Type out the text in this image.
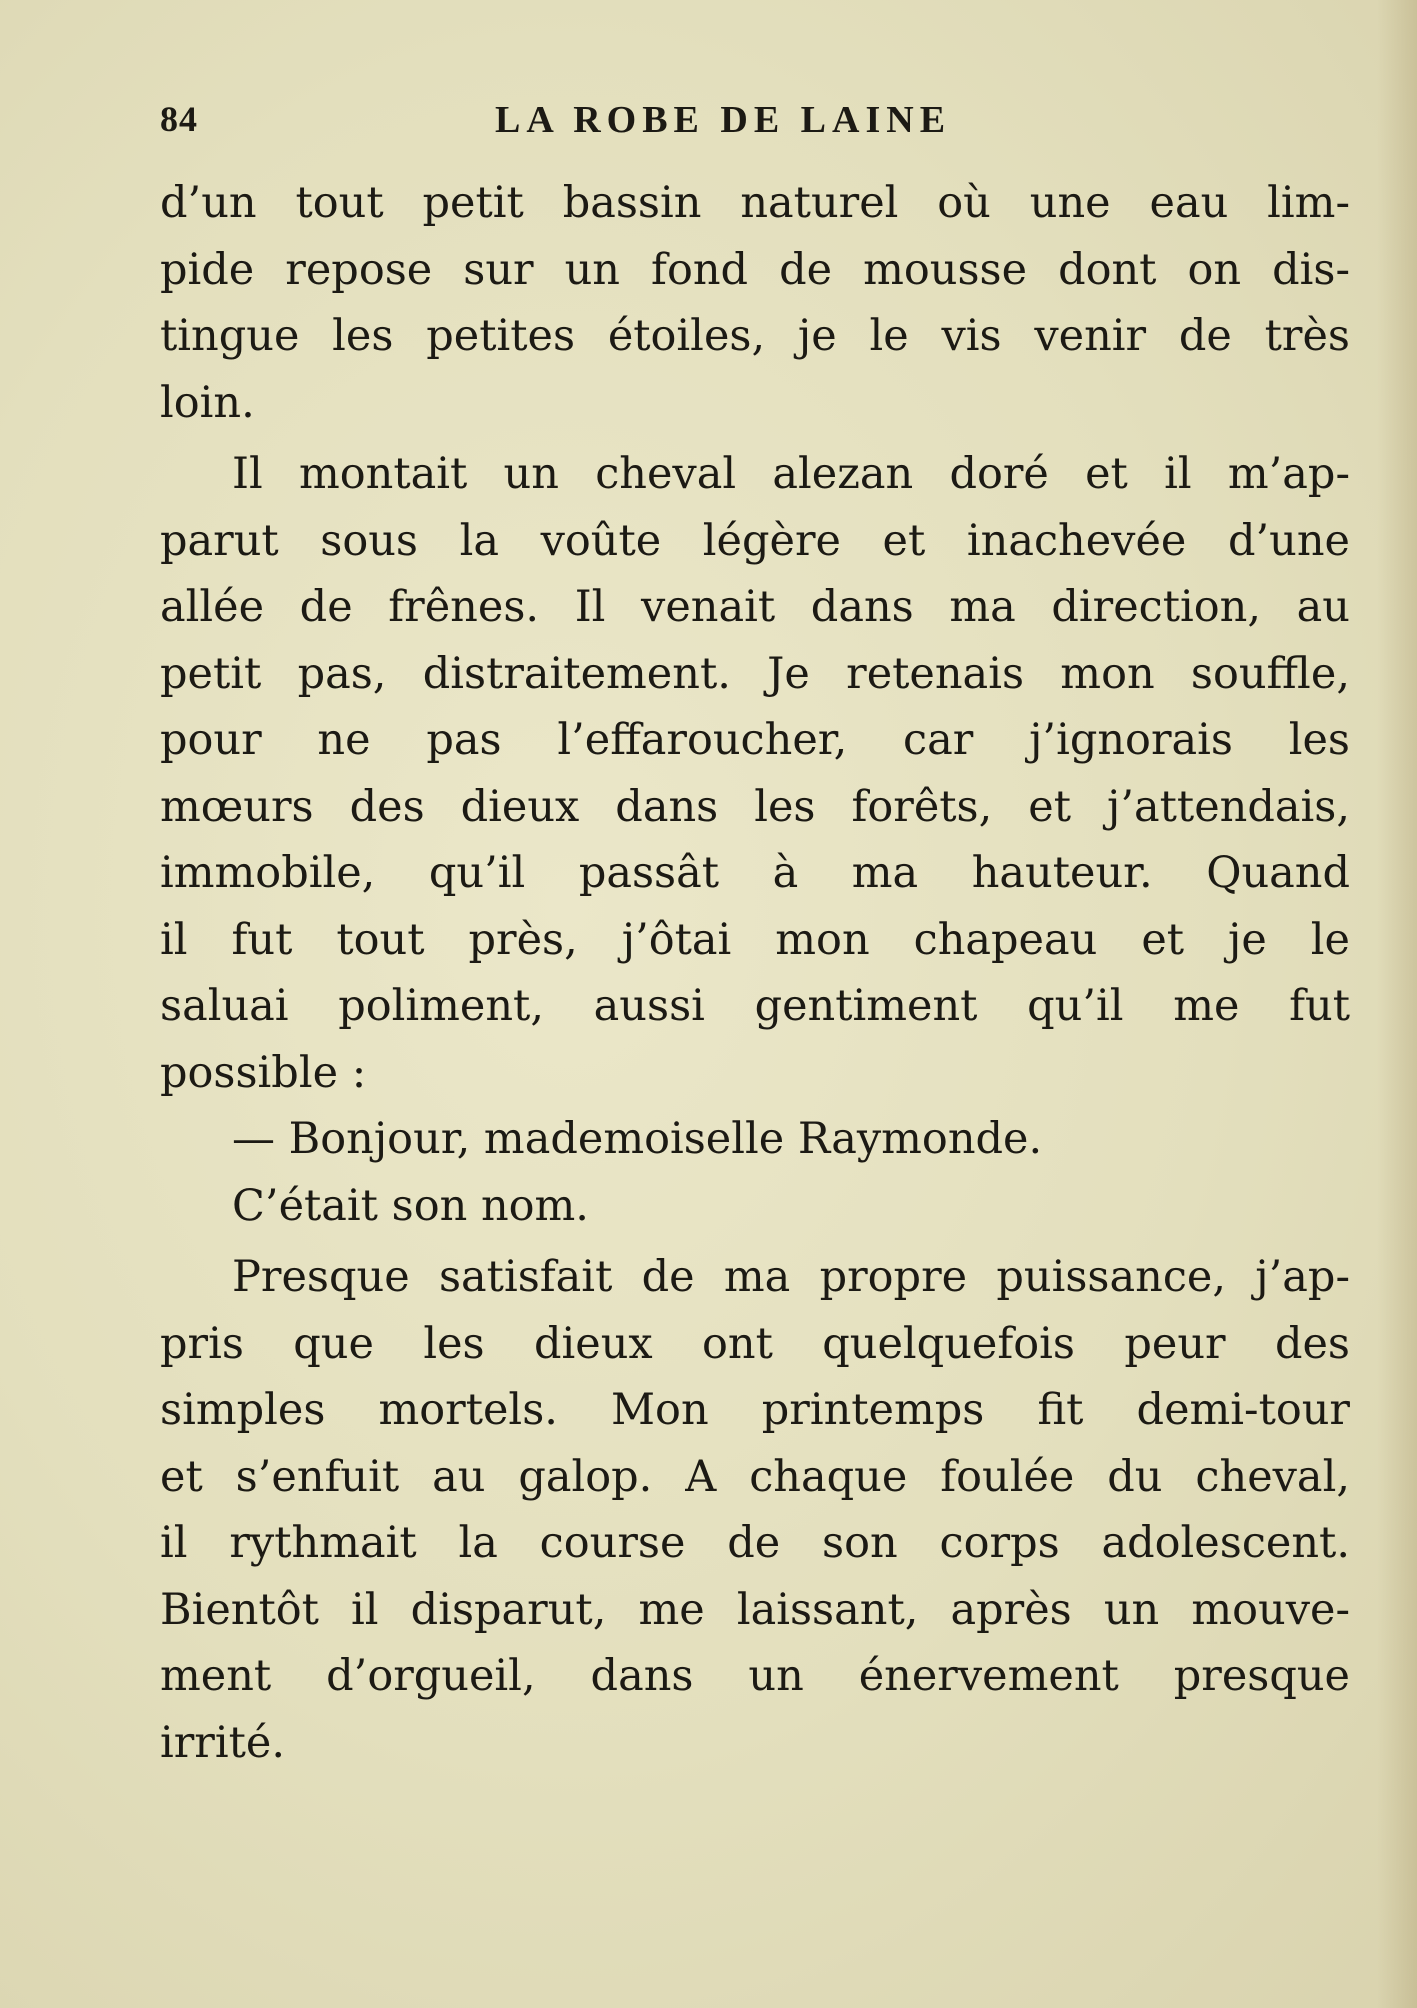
84	LA ROBE DE LAINE
d’un tout petit bassin naturel où une eau lim-
pide repose sur un fond de mousse dont on dis-
tingue les petites étoiles, je le vis venir de très
loin.
Il montait un cheval alezan doré et il m’ap-
parut sous la voûte légère et inachevée d’une
allée de frênes. Il venait dans ma direction, au
petit pas, distraitement. Je retenais mon souffle,
pour ne pas l’effaroucher, car j’ignorais les
mœurs des dieux dans les forêts, et j’attendais,
immobile, qu’il passât à ma hauteur. Quand
il fut tout près, j’ôtai mon chapeau et je le
saluai poliment, aussi gentiment qu’il me fut
possible :
— Bonjour, mademoiselle Raymonde.
C’était son nom.
Presque satisfait de ma propre puissance, j’ap-
pris que les dieux ont quelquefois peur des
simples mortels. Mon printemps fit demi-tour
et s’enfuit au galop. A chaque foulée du cheval,
il rythmait la course de son corps adolescent.
Bientôt il disparut, me laissant, après un mouve-
ment d’orgueil, dans un énervement presque
irrité.
